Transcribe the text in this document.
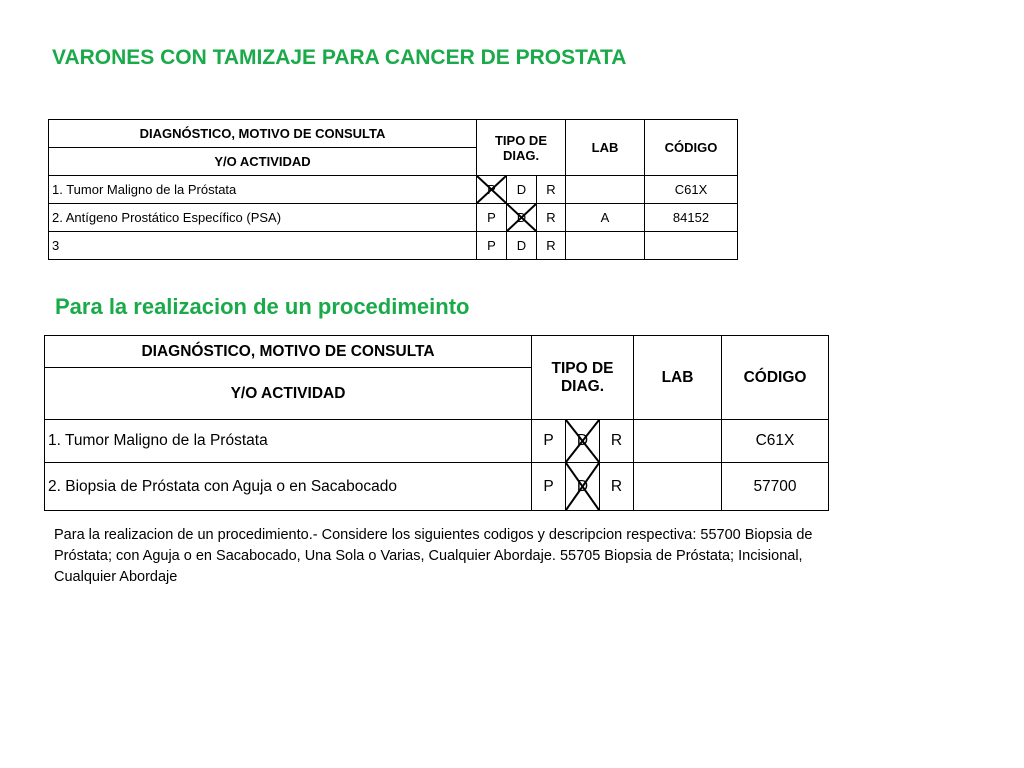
VARONES CON TAMIZAJE PARA CANCER DE PROSTATA
DIAGNÓSTICO, MOTIVO DE CONSULTA	TIPO DE DIAG.			LAB	CÓDIGO
Y/O ACTIVIDAD					
1. Tumor Maligno de la Próstata	P	D	R		C61X
2. Antígeno Prostático Específico (PSA)	P	D	R	A	84152
3	P	D	R		
Para la realizacion de un procedimeinto
DIAGNÓSTICO, MOTIVO DE CONSULTA	TIPO DE DIAG.			LAB	CÓDIGO
Y/O ACTIVIDAD					
1. Tumor Maligno de la Próstata	P	D	R		C61X
2. Biopsia de Próstata con Aguja o en Sacabocado	P	D	R		57700

Para la realizacion de un procedimiento.- Considere los siguientes codigos y descripcion respectiva: 55700 Biopsia de Próstata; con Aguja o en Sacabocado, Una Sola o Varias, Cualquier Abordaje. 55705 Biopsia de Próstata; Incisional, Cualquier Abordaje
